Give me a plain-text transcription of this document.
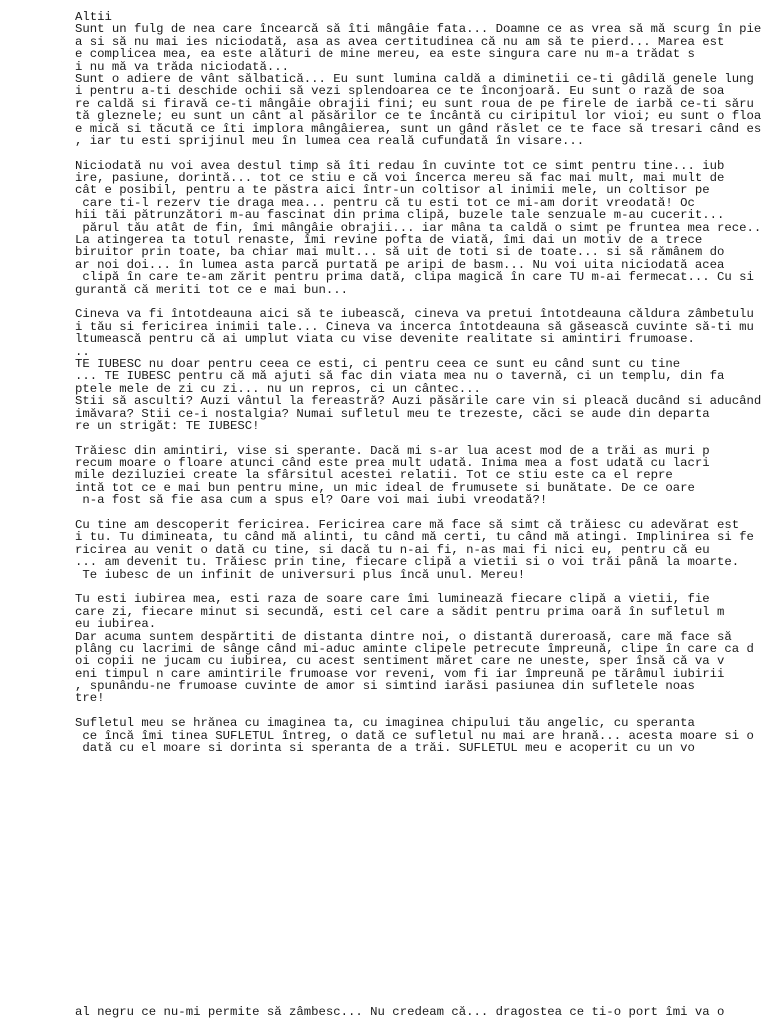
Altii
Sunt un fulg de nea care încearcă să îti mângâie fata... Doamne ce as vrea să mă scurg în pie
a si să nu mai ies niciodată, asa as avea certitudinea că nu am să te pierd... Marea est
e complicea mea, ea este alături de mine mereu, ea este singura care nu m-a trădat s
i nu mă va trăda niciodată...
Sunt o adiere de vânt sălbatică... Eu sunt lumina caldă a diminetii ce-ti gâdilă genele lung
i pentru a-ti deschide ochii să vezi splendoarea ce te înconjoară. Eu sunt o rază de soa
re caldă si firavă ce-ti mângâie obrajii fini; eu sunt roua de pe firele de iarbă ce-ti săru
tă gleznele; eu sunt un cânt al păsărilor ce te încântă cu ciripitul lor vioi; eu sunt o floa
e mică si tăcută ce îti implora mângâierea, sunt un gând răslet ce te face să tresari când es
, iar tu esti sprijinul meu în lumea cea reală cufundată în visare...
Niciodată nu voi avea destul timp să îti redau în cuvinte tot ce simt pentru tine... iub
ire, pasiune, dorintă... tot ce stiu e că voi încerca mereu să fac mai mult, mai mult de
cât e posibil, pentru a te păstra aici într-un coltisor al inimii mele, un coltisor pe
care ti-l rezerv tie draga mea... pentru că tu esti tot ce mi-am dorit vreodată! Oc
hii tăi pătrunzători m-au fascinat din prima clipă, buzele tale senzuale m-au cucerit...
părul tău atât de fin, îmi mângâie obrajii... iar mâna ta caldă o simt pe fruntea mea rece..
La atingerea ta totul renaste, îmi revine pofta de viată, îmi dai un motiv de a trece
biruitor prin toate, ba chiar mai mult... să uit de toti si de toate... si să rămânem do
ar noi doi... în lumea asta parcă purtată pe aripi de basm... Nu voi uita niciodată acea
clipă în care te-am zărit pentru prima dată, clipa magică în care TU m-ai fermecat... Cu si
gurantă că meriti tot ce e mai bun...
Cineva va fi întotdeauna aici să te iubească, cineva va pretui întotdeauna căldura zâmbetulu
i tău si fericirea inimii tale... Cineva va incerca întotdeauna să găsească cuvinte să-ti mu
ltumească pentru că ai umplut viata cu vise devenite realitate si amintiri frumoase.
..
TE IUBESC nu doar pentru ceea ce esti, ci pentru ceea ce sunt eu când sunt cu tine
... TE IUBESC pentru că mă ajuti să fac din viata mea nu o tavernă, ci un templu, din fa
ptele mele de zi cu zi... nu un repros, ci un cântec...
Stii să asculti? Auzi vântul la fereastră? Auzi păsările care vin si pleacă ducând si aducând
imăvara? Stii ce-i nostalgia? Numai sufletul meu te trezeste, căci se aude din departa
re un strigăt: TE IUBESC!
Trăiesc din amintiri, vise si sperante. Dacă mi s-ar lua acest mod de a trăi as muri p
recum moare o floare atunci când este prea mult udată. Inima mea a fost udată cu lacri
mile deziluziei create la sfârsitul acestei relatii. Tot ce stiu este ca el repre
intă tot ce e mai bun pentru mine, un mic ideal de frumusete si bunătate. De ce oare
n-a fost să fie asa cum a spus el? Oare voi mai iubi vreodată?!
Cu tine am descoperit fericirea. Fericirea care mă face să simt că trăiesc cu adevărat est
i tu. Tu dimineata, tu când mă alinti, tu când mă certi, tu când mă atingi. Implinirea si fe
ricirea au venit o dată cu tine, si dacă tu n-ai fi, n-as mai fi nici eu, pentru că eu
... am devenit tu. Trăiesc prin tine, fiecare clipă a vietii si o voi trăi până la moarte.
Te iubesc de un infinit de universuri plus încă unul. Mereu!
Tu esti iubirea mea, esti raza de soare care îmi luminează fiecare clipă a vietii, fie
care zi, fiecare minut si secundă, esti cel care a sădit pentru prima oară în sufletul m
eu iubirea.
Dar acuma suntem despărtiti de distanta dintre noi, o distantă dureroasă, care mă face să
plâng cu lacrimi de sânge când mi-aduc aminte clipele petrecute împreună, clipe în care ca d
oi copii ne jucam cu iubirea, cu acest sentiment măret care ne uneste, sper însă că va v
eni timpul n care amintirile frumoase vor reveni, vom fi iar împreună pe tărâmul iubirii
, spunându-ne frumoase cuvinte de amor si simtind iarăsi pasiunea din sufletele noas
tre!
Sufletul meu se hrănea cu imaginea ta, cu imaginea chipului tău angelic, cu speranta
ce încă îmi tinea SUFLETUL întreg, o dată ce sufletul nu mai are hrană... acesta moare si o
dată cu el moare si dorinta si speranta de a trăi. SUFLETUL meu e acoperit cu un vo
al negru ce nu-mi permite să zâmbesc... Nu credeam că... dragostea ce ti-o port îmi va o
